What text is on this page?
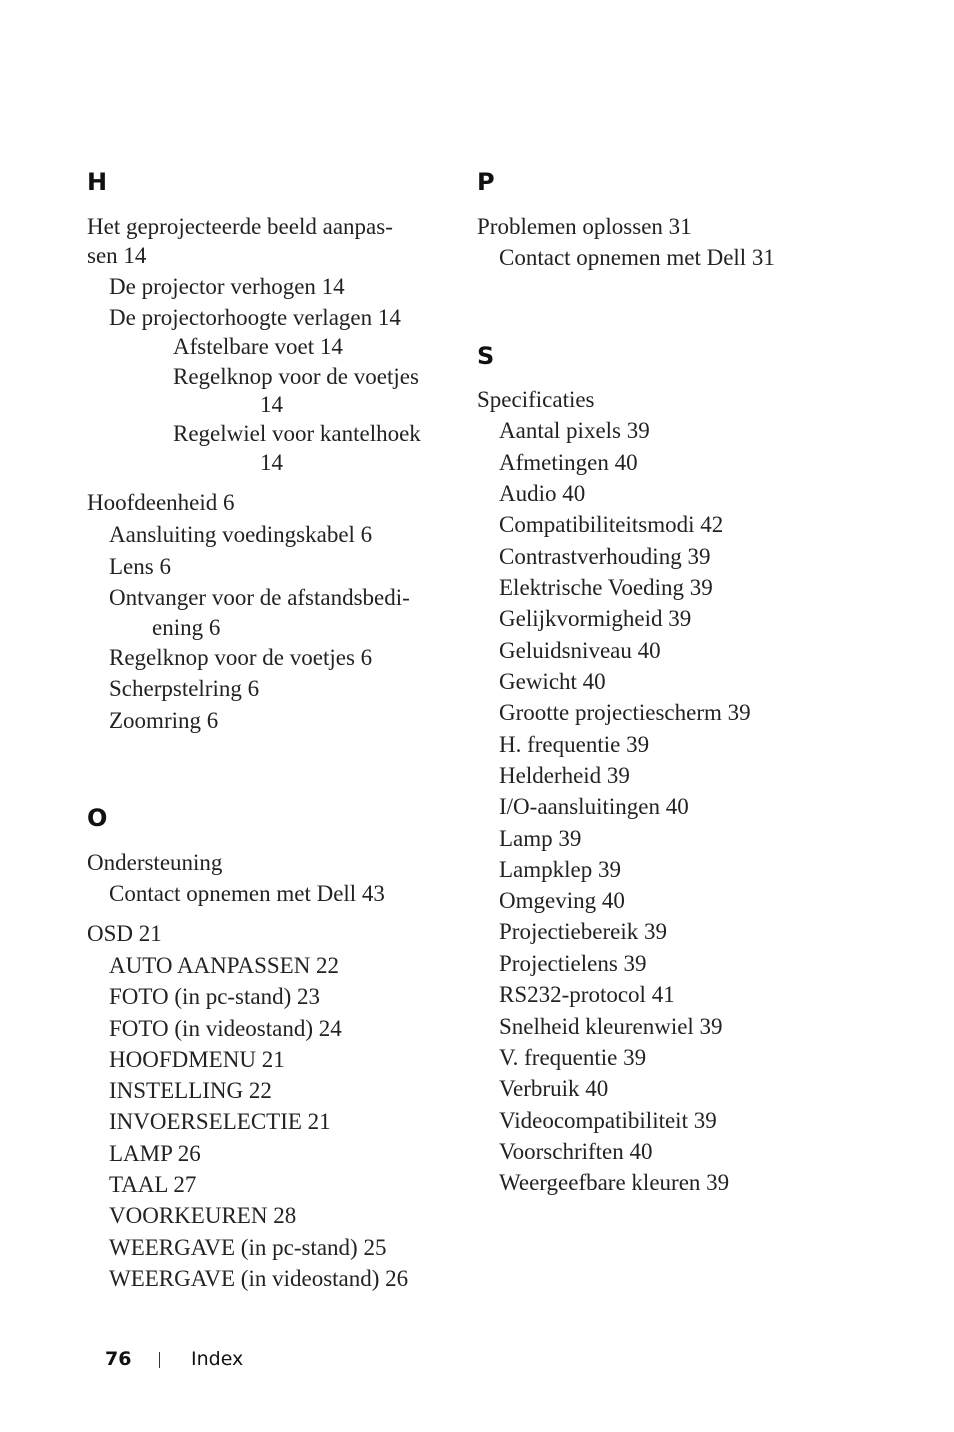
H
Het geprojecteerde beeld aanpas-
sen 14
De projector verhogen 14
De projectorhoogte verlagen 14
Afstelbare voet 14
Regelknop voor de voetjes
14
Regelwiel voor kantelhoek
14
Hoofdeenheid 6
Aansluiting voedingskabel 6
Lens 6
Ontvanger voor de afstandsbedi-
ening 6
Regelknop voor de voetjes 6
Scherpstelring 6
Zoomring 6
O
Ondersteuning
Contact opnemen met Dell 43
OSD 21
AUTO AANPASSEN 22
FOTO (in pc-stand) 23
FOTO (in videostand) 24
HOOFDMENU 21
INSTELLING 22
INVOERSELECTIE 21
LAMP 26
TAAL 27
VOORKEUREN 28
WEERGAVE (in pc-stand) 25
WEERGAVE (in videostand) 26
P
Problemen oplossen 31
Contact opnemen met Dell 31
S
Specificaties
Aantal pixels 39
Afmetingen 40
Audio 40
Compatibiliteitsmodi 42
Contrastverhouding 39
Elektrische Voeding 39
Gelijkvormigheid 39
Geluidsniveau 40
Gewicht 40
Grootte projectiescherm 39
H. frequentie 39
Helderheid 39
I/O-aansluitingen 40
Lamp 39
Lampklep 39
Omgeving 40
Projectiebereik 39
Projectielens 39
RS232-protocol 41
Snelheid kleurenwiel 39
V. frequentie 39
Verbruik 40
Videocompatibiliteit 39
Voorschriften 40
Weergeefbare kleuren 39
76	Index
